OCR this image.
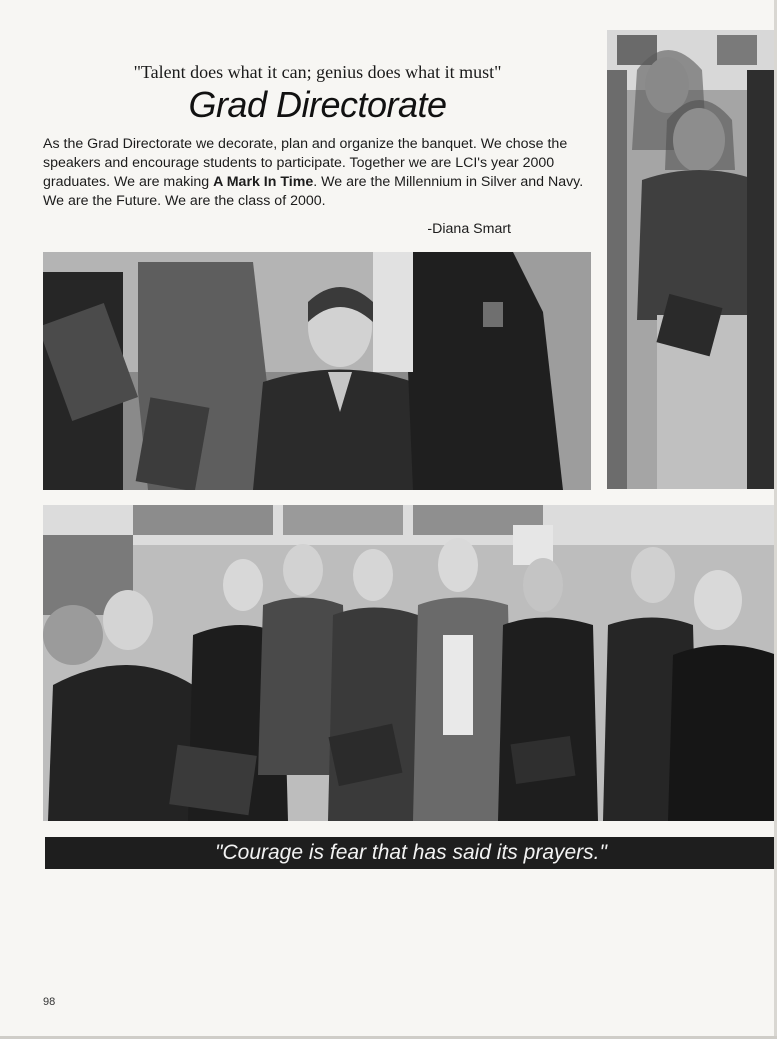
"Talent does what it can; genius does what it must"
Grad Directorate
As the Grad Directorate we decorate, plan and organize the banquet. We chose the speakers and encourage students to participate. Together we are LCI's year 2000 graduates. We are making A Mark In Time. We are the Millennium in Silver and Navy. We are the Future. We are the class of 2000.
-Diana Smart
"Courage is fear that has said its prayers."
98
